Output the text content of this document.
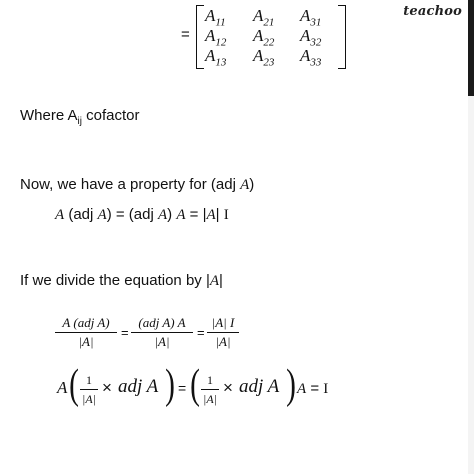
teachoo
=
$A_{11}$ $A_{21}$ $A_{31}$
$A_{12}$ $A_{22}$ $A_{32}$
$A_{13}$ $A_{23}$ $A_{33}$
Where $A_{ij}$ cofactor
Now, we have a property for (adj A)
A (adj A) = (adj A) A = |A| I
If we divide the equation by |A|
A (adj A)
|A|
=
(adj A) A
|A|
=
|A| I
|A|
A ( 1
|A|
× adj A ) = ( 1
|A|
× adj A ) A = I
